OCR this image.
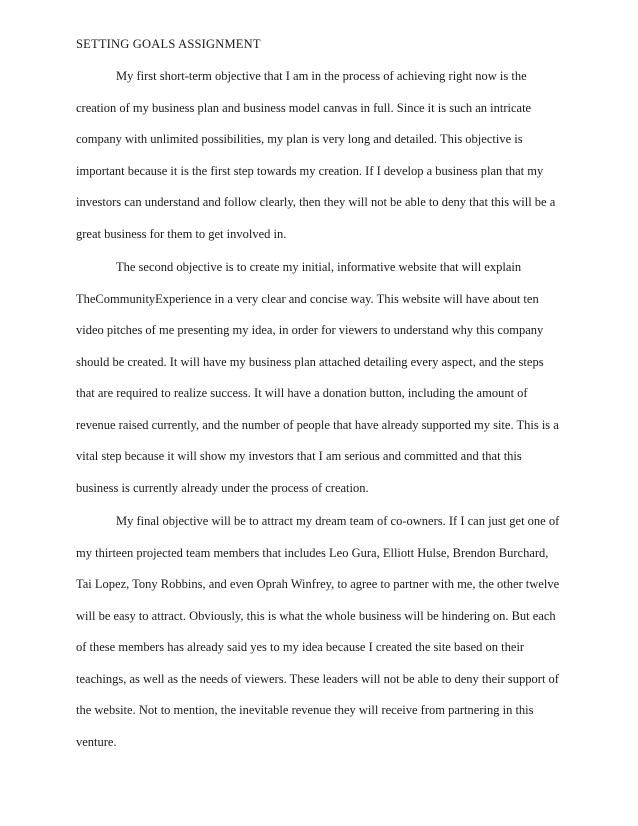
SETTING GOALS ASSIGNMENT
My first short-term objective that I am in the process of achieving right now is the
creation of my business plan and business model canvas in full. Since it is such an intricate
company with unlimited possibilities, my plan is very long and detailed. This objective is
important because it is the first step towards my creation. If I develop a business plan that my
investors can understand and follow clearly, then they will not be able to deny that this will be a
great business for them to get involved in.
The second objective is to create my initial, informative website that will explain
TheCommunityExperience in a very clear and concise way. This website will have about ten
video pitches of me presenting my idea, in order for viewers to understand why this company
should be created. It will have my business plan attached detailing every aspect, and the steps
that are required to realize success. It will have a donation button, including the amount of
revenue raised currently, and the number of people that have already supported my site. This is a
vital step because it will show my investors that I am serious and committed and that this
business is currently already under the process of creation.
My final objective will be to attract my dream team of co-owners. If I can just get one of
my thirteen projected team members that includes Leo Gura, Elliott Hulse, Brendon Burchard,
Tai Lopez, Tony Robbins, and even Oprah Winfrey, to agree to partner with me, the other twelve
will be easy to attract. Obviously, this is what the whole business will be hindering on. But each
of these members has already said yes to my idea because I created the site based on their
teachings, as well as the needs of viewers. These leaders will not be able to deny their support of
the website. Not to mention, the inevitable revenue they will receive from partnering in this
venture.
